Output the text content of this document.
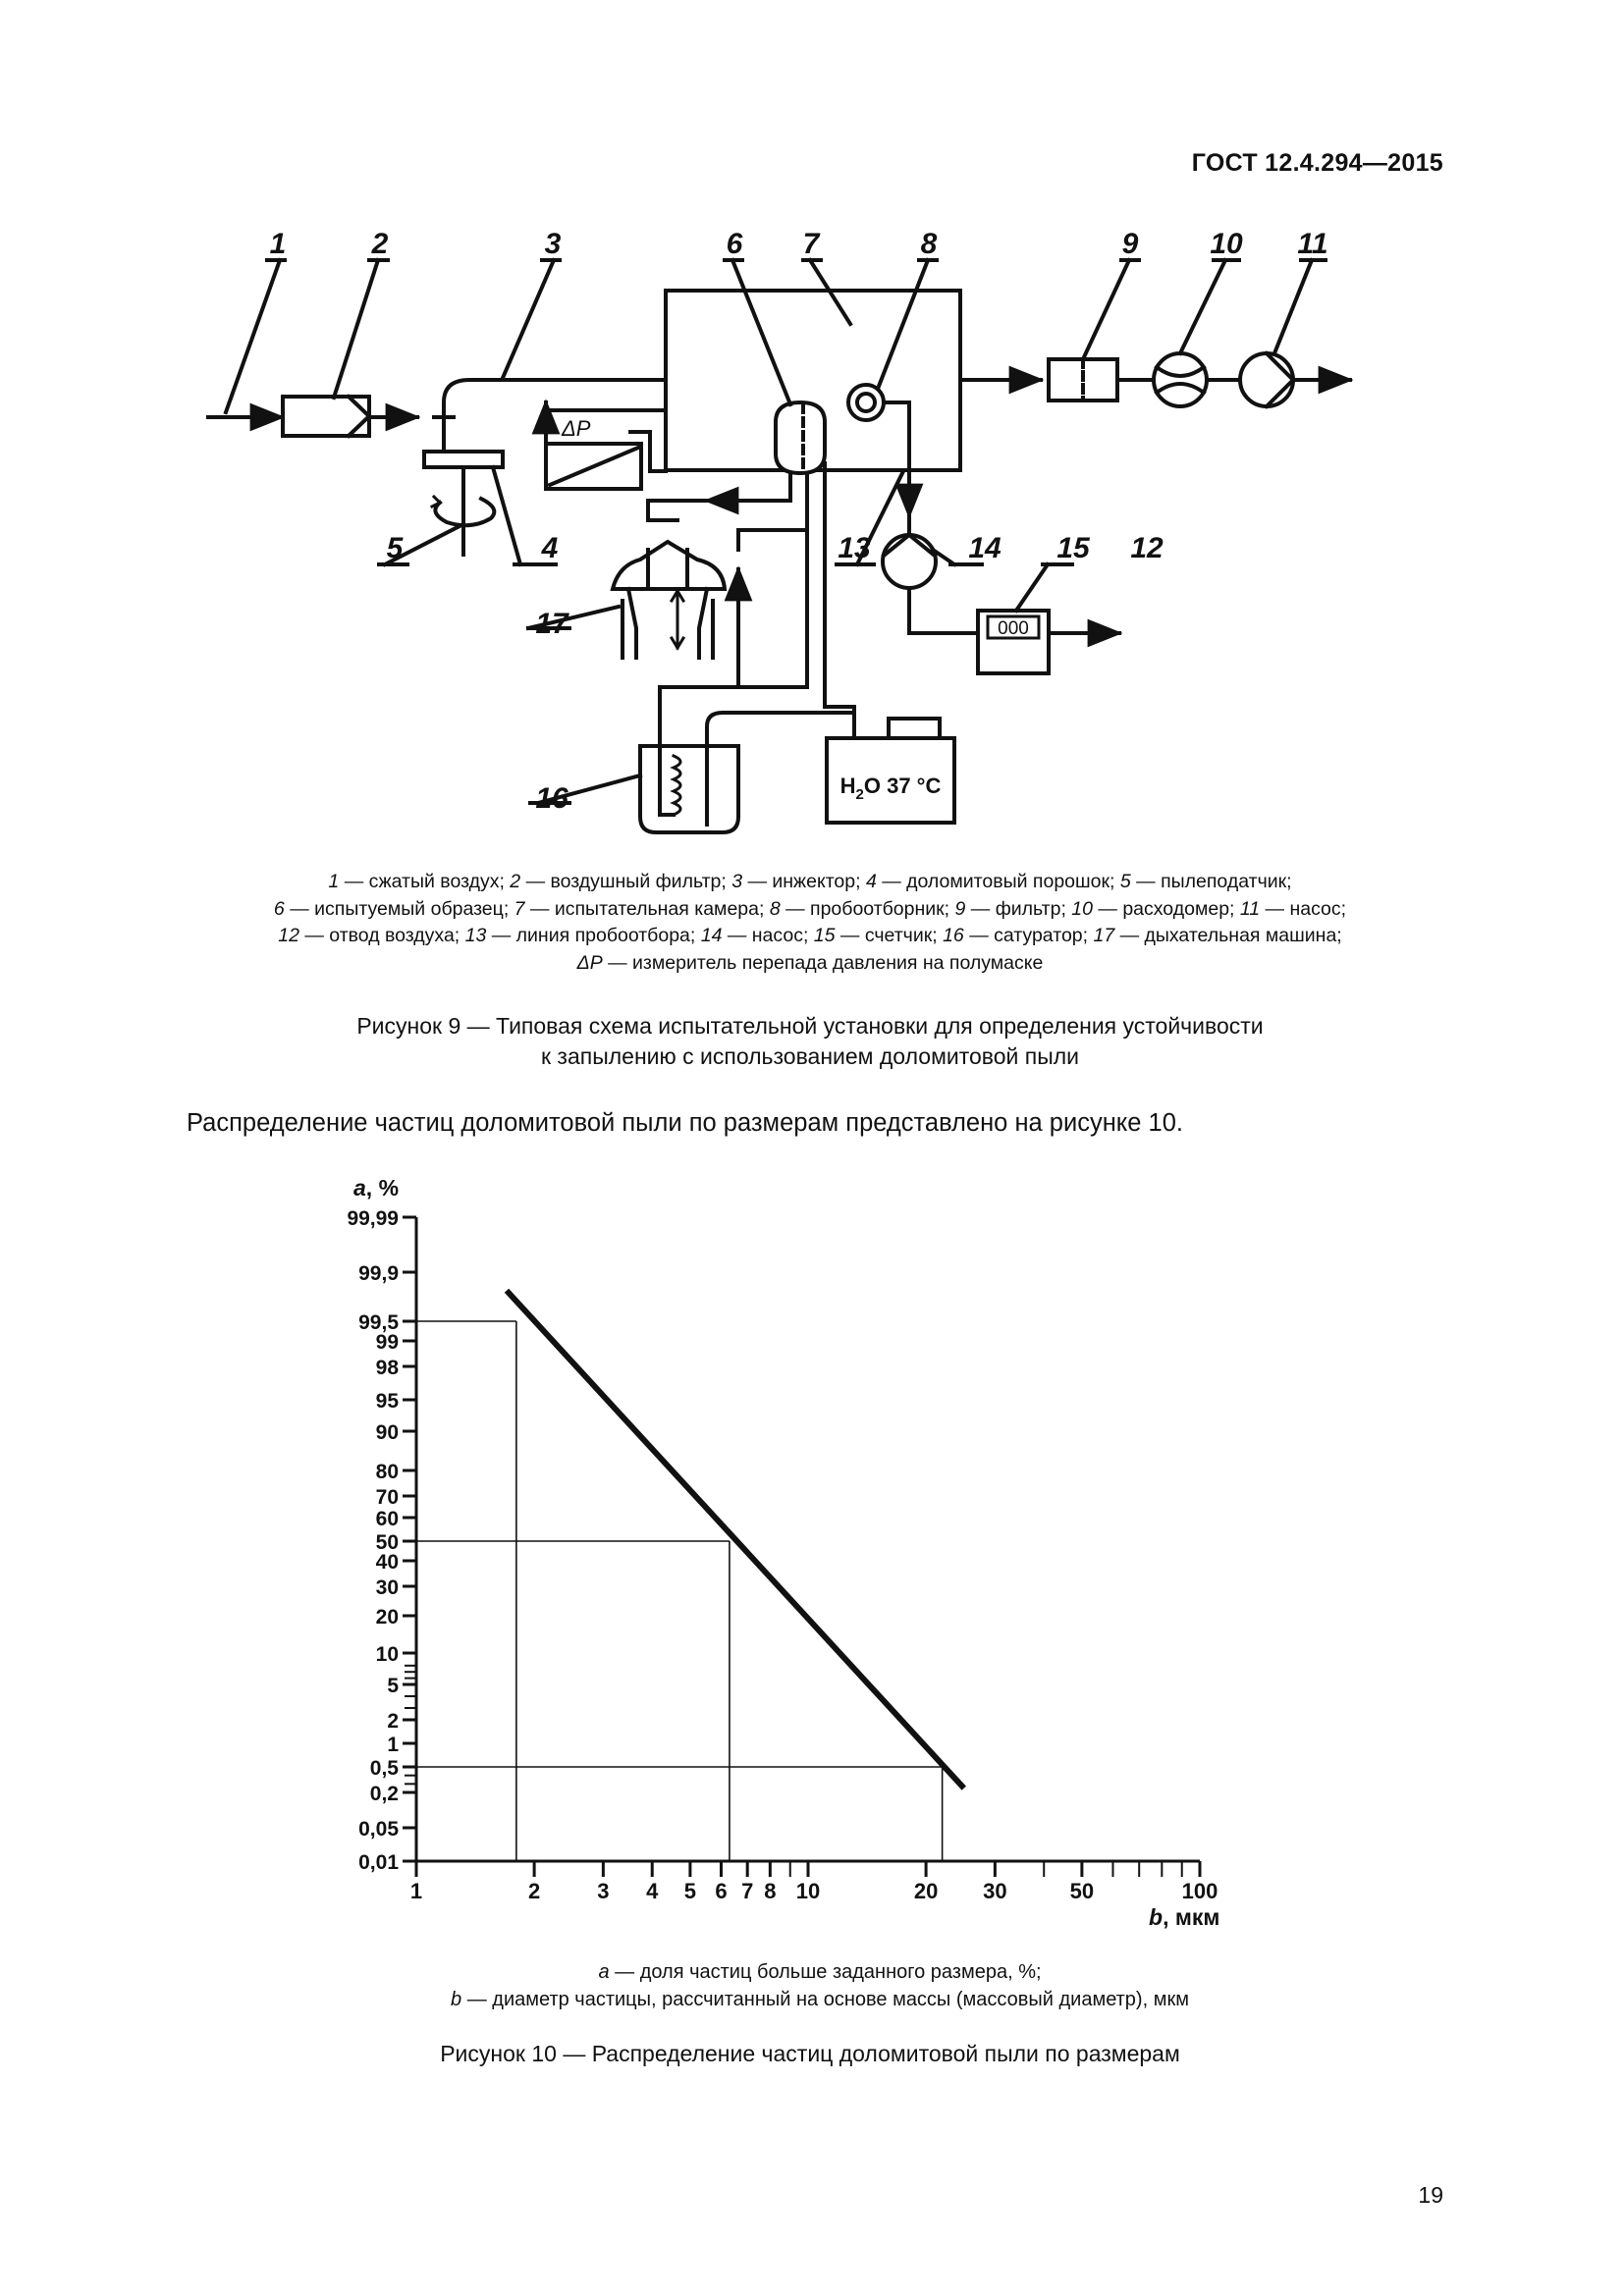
ГОСТ 12.4.294—2015
1	2	3	6 7	8	9 10 11
5	4	13	14 15 12
17
16
ΔP
000
$H_2O$ 37 °C
1 — сжатый воздух; 2 — воздушный фильтр; 3 — инжектор; 4 — доломитовый порошок; 5 — пылеподатчик;
6 — испытуемый образец; 7 — испытательная камера; 8 — пробоотборник; 9 — фильтр; 10 — расходомер; 11 — насос;
12 — отвод воздуха; 13 — линия пробоотбора; 14 — насос; 15 — счетчик; 16 — сатуратор; 17 — дыхательная машина;
ΔP — измеритель перепада давления на полумаске
Рисунок 9 — Типовая схема испытательной установки для определения устойчивости
к запылению с использованием доломитовой пыли
Распределение частиц доломитовой пыли по размерам представлено на рисунке 10.
99,99
99,9
99,5
99
98
95
90
80
70
60
50
40
30
20
10
5
2
1
0,5
0,2
0,05
0,01
1	2	3 4 5 6 7 8 10	20 30	50	100
a, %
b, мкм
a — доля частиц больше заданного размера, %;
b — диаметр частицы, рассчитанный на основе массы (массовый диаметр), мкм
Рисунок 10 — Распределение частиц доломитовой пыли по размерам
19
